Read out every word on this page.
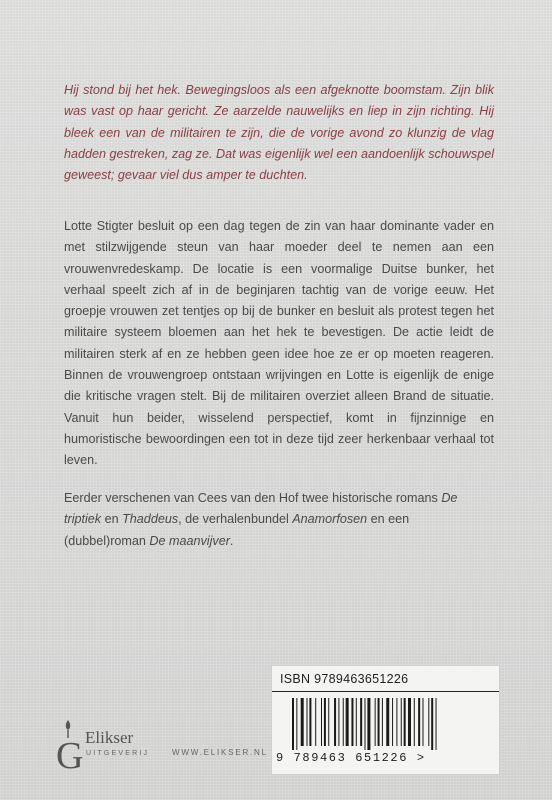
Hij stond bij het hek. Bewegingsloos als een afgeknotte boomstam. Zijn blik was vast op haar gericht. Ze aarzelde nauwelijks en liep in zijn richting. Hij bleek een van de militairen te zijn, die de vorige avond zo klunzig de vlag hadden gestreken, zag ze. Dat was eigenlijk wel een aandoenlijk schouwspel geweest; gevaar viel dus amper te duchten.

Lotte Stigter besluit op een dag tegen de zin van haar dominante vader en met stilzwijgende steun van haar moeder deel te nemen aan een vrouwenvredeskamp. De locatie is een voormalige Duitse bunker, het verhaal speelt zich af in de beginjaren tachtig van de vorige eeuw. Het groepje vrouwen zet tentjes op bij de bunker en besluit als protest tegen het militaire systeem bloemen aan het hek te bevestigen. De actie leidt de militairen sterk af en ze hebben geen idee hoe ze er op moeten reageren. Binnen de vrouwengroep ontstaan wrijvingen en Lotte is eigenlijk de enige die kritische vragen stelt. Bij de militairen overziet alleen Brand de situatie. Vanuit hun beider, wisselend perspectief, komt in fijnzinnige en humoristische bewoordingen een tot in deze tijd zeer herkenbaar verhaal tot leven.

Eerder verschenen van Cees van den Hof twee historische romans De triptiek en Thaddeus, de verhalenbundel Anamorfosen en een (dubbel)roman De maanvijver.

G Elikser
UITGEVERIJ	WWW.ELIKSER.NL
ISBN 9789463651226
9 789463 651226 >
